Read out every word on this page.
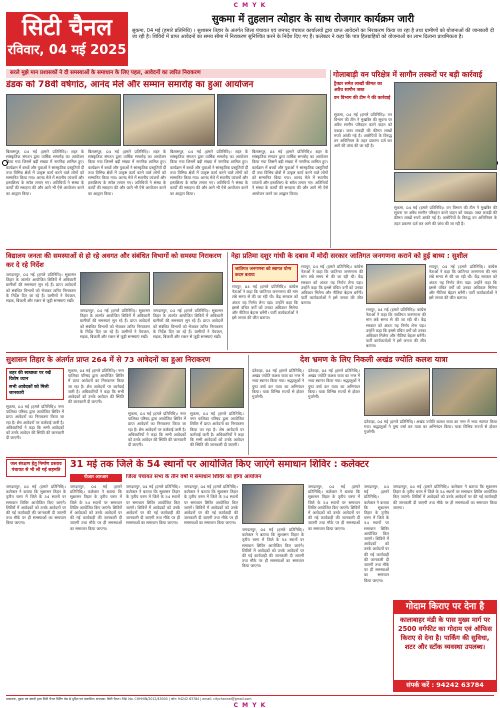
C M Y K
सिटी चैनल
रविवार, 04 मई 2025
सुकमा में तुहलान त्योहार के साथ रोजगार कार्यक्रम जारी
सुकमा, 04 मई (हमारे प्रतिनिधि) । सुशासन तिहार के अंतर्गत जिला पंचायत एवं जनपद पंचायत कार्यालयों द्वारा प्राप्त आवेदनों का निराकरण किया जा रहा है तथा ग्रामीणों को योजनाओं की जानकारी दी जा रही है। शिविरों में प्राप्त आवेदनों का समय सीमा में निराकरण सुनिश्चित करने के निर्देश दिए गए हैं। कलेक्टर ने कहा कि पात्र हितग्राहियों को योजनाओं का लाभ दिलाना प्राथमिकता है।
सरले मुझे मान प्रशासकों ने दी समस्याओं के समाधान के लिए पहल, आवेदनों का त्वरित निराकरण
डंडक को 78वीं वर्षगांठ, आनंद मेले और सम्मान समारोह का हुआ आयोजन
बिलासपुर, 04 मई (हमारे प्रतिनिधि)। शहर के सांस्कृतिक संगठन द्वारा वार्षिक समारोह का आयोजन किया गया जिसमें बड़ी संख्या में नागरिक शामिल हुए। कार्यक्रम में बच्चों और युवाओं ने सांस्कृतिक प्रस्तुतियाँ दीं तथा विभिन्न क्षेत्रों में उत्कृष्ट कार्य करने वाले लोगों को सम्मानित किया गया। आनंद मेले में स्थानीय व्यंजनों और हस्तशिल्प के स्टॉल लगाए गए। अतिथियों ने संस्था के कार्यों की सराहना की और आगे भी ऐसे आयोजन करने का आह्वान किया।
बिलासपुर, 04 मई (हमारे प्रतिनिधि)। शहर के सांस्कृतिक संगठन द्वारा वार्षिक समारोह का आयोजन किया गया जिसमें बड़ी संख्या में नागरिक शामिल हुए। कार्यक्रम में बच्चों और युवाओं ने सांस्कृतिक प्रस्तुतियाँ दीं तथा विभिन्न क्षेत्रों में उत्कृष्ट कार्य करने वाले लोगों को सम्मानित किया गया। आनंद मेले में स्थानीय व्यंजनों और हस्तशिल्प के स्टॉल लगाए गए। अतिथियों ने संस्था के कार्यों की सराहना की और आगे भी ऐसे आयोजन करने का आह्वान किया।
बिलासपुर, 04 मई (हमारे प्रतिनिधि)। शहर के सांस्कृतिक संगठन द्वारा वार्षिक समारोह का आयोजन किया गया जिसमें बड़ी संख्या में नागरिक शामिल हुए। कार्यक्रम में बच्चों और युवाओं ने सांस्कृतिक प्रस्तुतियाँ दीं तथा विभिन्न क्षेत्रों में उत्कृष्ट कार्य करने वाले लोगों को सम्मानित किया गया। आनंद मेले में स्थानीय व्यंजनों और हस्तशिल्प के स्टॉल लगाए गए। अतिथियों ने संस्था के कार्यों की सराहना की और आगे भी ऐसे आयोजन करने का आह्वान किया।
बिलासपुर, 04 मई (हमारे प्रतिनिधि)। शहर के सांस्कृतिक संगठन द्वारा वार्षिक समारोह का आयोजन किया गया जिसमें बड़ी संख्या में नागरिक शामिल हुए। कार्यक्रम में बच्चों और युवाओं ने सांस्कृतिक प्रस्तुतियाँ दीं तथा विभिन्न क्षेत्रों में उत्कृष्ट कार्य करने वाले लोगों को सम्मानित किया गया। आनंद मेले में स्थानीय व्यंजनों और हस्तशिल्प के स्टॉल लगाए गए। अतिथियों ने संस्था के कार्यों की सराहना की और आगे भी ऐसे आयोजन करने का आह्वान किया।
गोलाबाड़ी वन परिक्षेत्र में सागौन तस्करों पर बड़ी कार्रवाई
ट्रैक्टर समेत लाखों कीमत का अवैध सागौन जब्त
वन विभाग की टीम ने की कार्रवाई
सुकमा, 04 मई (हमारे प्रतिनिधि)। वन विभाग की टीम ने मुखबिर की सूचना पर अवैध सागौन परिवहन करते वाहन को पकड़ा। जब्त लकड़ी की कीमत लाखों रुपये आंकी गई है। आरोपियों के विरुद्ध वन अधिनियम के तहत प्रकरण दर्ज कर आगे की जांच की जा रही है।
सुकमा, 04 मई (हमारे प्रतिनिधि)। वन विभाग की टीम ने मुखबिर की सूचना पर अवैध सागौन परिवहन करते वाहन को पकड़ा। जब्त लकड़ी की कीमत लाखों रुपये आंकी गई है। आरोपियों के विरुद्ध वन अधिनियम के तहत प्रकरण दर्ज कर आगे की जांच की जा रही है।
विद्यालय जनता की समस्याओं से हो रहे अवगत और संबंधित विभागों को समस्या निराकरण कर दे रहे निर्देश
जगदलपुर, 04 मई (हमारे प्रतिनिधि)। सुशासन तिहार के अंतर्गत आयोजित शिविरों में अधिकारी ग्रामीणों की समस्याएं सुन रहे हैं। प्राप्त आवेदनों को संबंधित विभागों को भेजकर त्वरित निराकरण के निर्देश दिए जा रहे हैं। ग्रामीणों ने पेयजल, सड़क, बिजली और राशन से जुड़ी समस्याएं रखीं।
जगदलपुर, 04 मई (हमारे प्रतिनिधि)। सुशासन तिहार के अंतर्गत आयोजित शिविरों में अधिकारी ग्रामीणों की समस्याएं सुन रहे हैं। प्राप्त आवेदनों को संबंधित विभागों को भेजकर त्वरित निराकरण के निर्देश दिए जा रहे हैं। ग्रामीणों ने पेयजल, सड़क, बिजली और राशन से जुड़ी समस्याएं रखीं।
जगदलपुर, 04 मई (हमारे प्रतिनिधि)। सुशासन तिहार के अंतर्गत आयोजित शिविरों में अधिकारी ग्रामीणों की समस्याएं सुन रहे हैं। प्राप्त आवेदनों को संबंधित विभागों को भेजकर त्वरित निराकरण के निर्देश दिए जा रहे हैं। ग्रामीणों ने पेयजल, सड़क, बिजली और राशन से जुड़ी समस्याएं रखीं।
नेहा प्रतिमा दशुर गांधी के दबाव में मोदी सरकार जातिगत जनगणना कराने को हुई बाध्य : सुशील
जातिगत जनगणना को स्वागत योग्य कदम बताया
रायपुर, 04 मई (हमारे प्रतिनिधि)। कांग्रेस नेताओं ने कहा कि जातिगत जनगणना की मांग लंबे समय से की जा रही थी। केंद्र सरकार को अंततः यह निर्णय लेना पड़ा। उन्होंने कहा कि इससे वंचित वर्गों को उनका अधिकार मिलेगा और नीतियां बेहतर बनेंगी। पार्टी कार्यकर्ताओं ने इसे जनता की जीत बताया।
रायपुर, 04 मई (हमारे प्रतिनिधि)। कांग्रेस नेताओं ने कहा कि जातिगत जनगणना की मांग लंबे समय से की जा रही थी। केंद्र सरकार को अंततः यह निर्णय लेना पड़ा। उन्होंने कहा कि इससे वंचित वर्गों को उनका अधिकार मिलेगा और नीतियां बेहतर बनेंगी। पार्टी कार्यकर्ताओं ने इसे जनता की जीत बताया।
रायपुर, 04 मई (हमारे प्रतिनिधि)। कांग्रेस नेताओं ने कहा कि जातिगत जनगणना की मांग लंबे समय से की जा रही थी। केंद्र सरकार को अंततः यह निर्णय लेना पड़ा। उन्होंने कहा कि इससे वंचित वर्गों को उनका अधिकार मिलेगा और नीतियां बेहतर बनेंगी। पार्टी कार्यकर्ताओं ने इसे जनता की जीत बताया।
रायपुर, 04 मई (हमारे प्रतिनिधि)। कांग्रेस नेताओं ने कहा कि जातिगत जनगणना की मांग लंबे समय से की जा रही थी। केंद्र सरकार को अंततः यह निर्णय लेना पड़ा। उन्होंने कहा कि इससे वंचित वर्गों को उनका अधिकार मिलेगा और नीतियां बेहतर बनेंगी। पार्टी कार्यकर्ताओं ने इसे जनता की जीत बताया।
सुशासन तिहार के अंतर्गत प्राप्त 264 में से 73 आवेदनों का हुआ निराकरण
शहर की स्वच्छता पर रखें विशेष ध्यान
सभी आवेदकों को मिली जानकारी
सुकमा, 04 मई (हमारे प्रतिनिधि)। नगर पालिका परिषद द्वारा आयोजित शिविर में प्राप्त आवेदनों का निराकरण किया जा रहा है। शेष आवेदनों पर कार्रवाई जारी है। अधिकारियों ने कहा कि सभी आवेदकों को उनके आवेदन की स्थिति की जानकारी दी जाएगी।
सुकमा, 04 मई (हमारे प्रतिनिधि)। नगर पालिका परिषद द्वारा आयोजित शिविर में प्राप्त आवेदनों का निराकरण किया जा रहा है। शेष आवेदनों पर कार्रवाई जारी है। अधिकारियों ने कहा कि सभी आवेदकों को उनके आवेदन की स्थिति की जानकारी दी जाएगी।
सुकमा, 04 मई (हमारे प्रतिनिधि)। नगर पालिका परिषद द्वारा आयोजित शिविर में प्राप्त आवेदनों का निराकरण किया जा रहा है। शेष आवेदनों पर कार्रवाई जारी है। अधिकारियों ने कहा कि सभी आवेदकों को उनके आवेदन की स्थिति की जानकारी दी जाएगी।
सुकमा, 04 मई (हमारे प्रतिनिधि)। नगर पालिका परिषद द्वारा आयोजित शिविर में प्राप्त आवेदनों का निराकरण किया जा रहा है। शेष आवेदनों पर कार्रवाई जारी है। अधिकारियों ने कहा कि सभी आवेदकों को उनके आवेदन की स्थिति की जानकारी दी जाएगी।
देश भ्रमण के लिए निकली अखंड ज्योति कलश यात्रा
दंतेवाड़ा, 04 मई (हमारे प्रतिनिधि)। अखंड ज्योति कलश यात्रा का नगर में भव्य स्वागत किया गया। श्रद्धालुओं ने पुष्प वर्षा कर यात्रा का अभिनंदन किया। यात्रा विभिन्न राज्यों से होकर गुजरेगी।
दंतेवाड़ा, 04 मई (हमारे प्रतिनिधि)। अखंड ज्योति कलश यात्रा का नगर में भव्य स्वागत किया गया। श्रद्धालुओं ने पुष्प वर्षा कर यात्रा का अभिनंदन किया। यात्रा विभिन्न राज्यों से होकर गुजरेगी।
दंतेवाड़ा, 04 मई (हमारे प्रतिनिधि)। अखंड ज्योति कलश यात्रा का नगर में भव्य स्वागत किया गया। श्रद्धालुओं ने पुष्प वर्षा कर यात्रा का अभिनंदन किया। यात्रा विभिन्न राज्यों से होकर गुजरेगी।
31 मई तक जिले के 54 स्थानों पर आयोजित किए जाएंगे समाधान शिविर : कलेक्टर
जल संरक्षण हेतु निर्माण प्रस्ताव पंचायत से भी ली गई सहमति
जगदलपुर, 04 मई (हमारे प्रतिनिधि)। कलेक्टर ने बताया कि सुशासन तिहार के तृतीय चरण में जिले के 54 स्थानों पर समाधान शिविर आयोजित किए जाएंगे। शिविरों में आवेदकों को उनके आवेदनों पर की गई कार्यवाही की जानकारी दी जाएगी तथा मौके पर ही समस्याओं का समाधान किया जाएगा।
पीआर आरआर	जिला पंचायत सभा के तीन वर्षों में समाधान शिविर का होगा आयोजन
जगदलपुर, 04 मई (हमारे प्रतिनिधि)। कलेक्टर ने बताया कि सुशासन तिहार के तृतीय चरण में जिले के 54 स्थानों पर समाधान शिविर आयोजित किए जाएंगे। शिविरों में आवेदकों को उनके आवेदनों पर की गई कार्यवाही की जानकारी दी जाएगी तथा मौके पर ही समस्याओं का समाधान किया जाएगा।
जगदलपुर, 04 मई (हमारे प्रतिनिधि)। कलेक्टर ने बताया कि सुशासन तिहार के तृतीय चरण में जिले के 54 स्थानों पर समाधान शिविर आयोजित किए जाएंगे। शिविरों में आवेदकों को उनके आवेदनों पर की गई कार्यवाही की जानकारी दी जाएगी तथा मौके पर ही समस्याओं का समाधान किया जाएगा।
जगदलपुर, 04 मई (हमारे प्रतिनिधि)। कलेक्टर ने बताया कि सुशासन तिहार के तृतीय चरण में जिले के 54 स्थानों पर समाधान शिविर आयोजित किए जाएंगे। शिविरों में आवेदकों को उनके आवेदनों पर की गई कार्यवाही की जानकारी दी जाएगी तथा मौके पर ही समस्याओं का समाधान किया जाएगा।
जगदलपुर, 04 मई (हमारे प्रतिनिधि)। कलेक्टर ने बताया कि सुशासन तिहार के तृतीय चरण में जिले के 54 स्थानों पर समाधान शिविर आयोजित किए जाएंगे। शिविरों में आवेदकों को उनके आवेदनों पर की गई कार्यवाही की जानकारी दी जाएगी तथा मौके पर ही समस्याओं का समाधान किया जाएगा।
जगदलपुर, 04 मई (हमारे प्रतिनिधि)। कलेक्टर ने बताया कि सुशासन तिहार के तृतीय चरण में जिले के 54 स्थानों पर समाधान शिविर आयोजित किए जाएंगे। शिविरों में आवेदकों को उनके आवेदनों पर की गई कार्यवाही की जानकारी दी जाएगी तथा मौके पर ही समस्याओं का समाधान किया जाएगा।
जगदलपुर, 04 मई (हमारे प्रतिनिधि)। कलेक्टर ने बताया कि सुशासन तिहार के तृतीय चरण में जिले के 54 स्थानों पर समाधान शिविर आयोजित किए जाएंगे। शिविरों में आवेदकों को उनके आवेदनों पर की गई कार्यवाही की जानकारी दी जाएगी तथा मौके पर ही समस्याओं का समाधान किया जाएगा।
जगदलपुर, 04 मई (हमारे प्रतिनिधि)। कलेक्टर ने बताया कि सुशासन तिहार के तृतीय चरण में जिले के 54 स्थानों पर समाधान शिविर आयोजित किए जाएंगे। शिविरों में आवेदकों को उनके आवेदनों पर की गई कार्यवाही की जानकारी दी जाएगी तथा मौके पर ही समस्याओं का समाधान किया जाएगा।
गोदाम किराए पर देना है
कालाबाहर मंडी के पास मुख्य मार्ग पर 2500 वर्गफीट का गोदाम एवं ऑफिस किराए से देना है। पार्किंग की सुविधा, शटर और स्टॉक व्यवस्था उपलब्ध।
संपर्क करें : 94242 63784
प्रकाशक, मुद्रक एवं स्वामी द्वारा सिटी चैनल प्रिंटिंग प्रेस से मुद्रित एवं प्रकाशित। संपादक: सिटी चैनल। RNI No. CHHHIN/2012/45000 | फोन: 94242 63784 | email: citychannel@gmail.com
C M Y K
